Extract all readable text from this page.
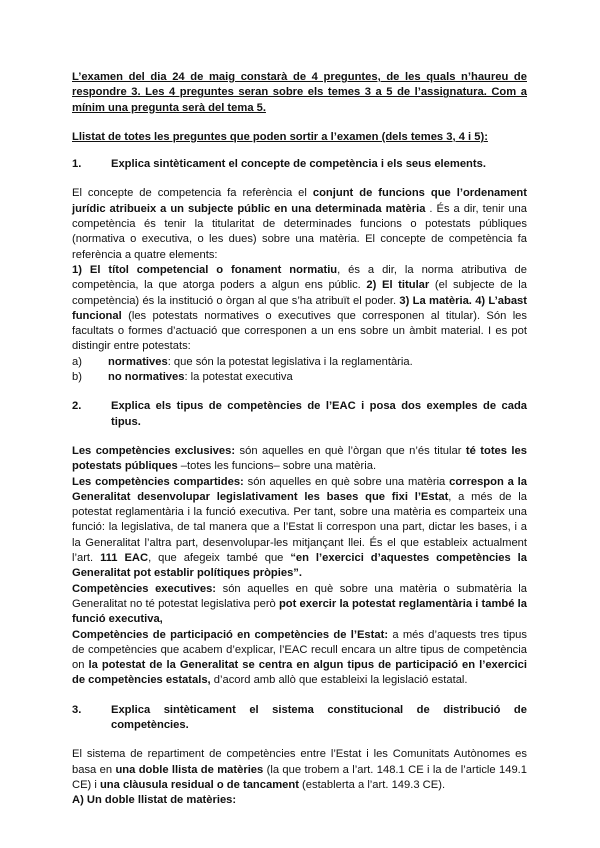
L’examen del dia 24 de maig constarà de 4 preguntes, de les quals n’haureu de respondre 3. Les 4 preguntes seran sobre els temes 3 a 5 de l’assignatura. Com a mínim una pregunta serà del tema 5.

Llistat de totes les preguntes que poden sortir a l’examen (dels temes 3, 4 i 5):

1.	Explica sintèticament el concepte de competència i els seus elements.

El concepte de competencia fa referència el conjunt de funcions que l’ordenament jurídic atribueix a un subjecte públic en una determinada matèria . És a dir, tenir una competència és tenir la titularitat de determinades funcions o potestats públiques (normativa o executiva, o les dues) sobre una matèria. El concepte de competència fa referència a quatre elements:

1) El títol competencial o fonament normatiu, és a dir, la norma atributiva de competència, la que atorga poders a algun ens públic. 2) El titular (el subjecte de la competència) és la institució o òrgan al que s’ha atribuït el poder. 3) La matèria. 4) L’abast funcional (les potestats normatives o executives que corresponen al titular). Són les facultats o formes d’actuació que corresponen a un ens sobre un àmbit material. I es pot distingir entre potestats:

a)	normatives: que són la potestat legislativa i la reglamentària.
b)	no normatives: la potestat executiva
2.	Explica els tipus de competències de l’EAC i posa dos exemples de cada tipus.

Les competències exclusives: són aquelles en què l’òrgan que n’és titular té totes les potestats públiques –totes les funcions– sobre una matèria.

Les competències compartides: són aquelles en què sobre una matèria correspon a la Generalitat desenvolupar legislativament les bases que fixi l’Estat, a més de la potestat reglamentària i la funció executiva. Per tant, sobre una matèria es comparteix una funció: la legislativa, de tal manera que a l’Estat li correspon una part, dictar les bases, i a la Generalitat l’altra part, desenvolupar-les mitjançant llei. És el que estableix actualment l’art. 111 EAC, que afegeix també que “en l’exercici d’aquestes competències la Generalitat pot establir polítiques pròpies”.

Competències executives: són aquelles en què sobre una matèria o submatèria la Generalitat no té potestat legislativa però pot exercir la potestat reglamentària i també la funció executiva,

Competències de participació en competències de l’Estat: a més d’aquests tres tipus de competències que acabem d’explicar, l’EAC recull encara un altre tipus de competència on la potestat de la Generalitat se centra en algun tipus de participació en l’exercici de competències estatals, d’acord amb allò que estableixi la legislació estatal.

3.	Explica sintèticament el sistema constitucional de distribució de competències.

El sistema de repartiment de competències entre l’Estat i les Comunitats Autònomes es basa en una doble llista de matèries (la que trobem a l’art. 148.1 CE i la de l’article 149.1 CE) i una clàusula residual o de tancament (establerta a l’art. 149.3 CE).

A) Un doble llistat de matèries:
